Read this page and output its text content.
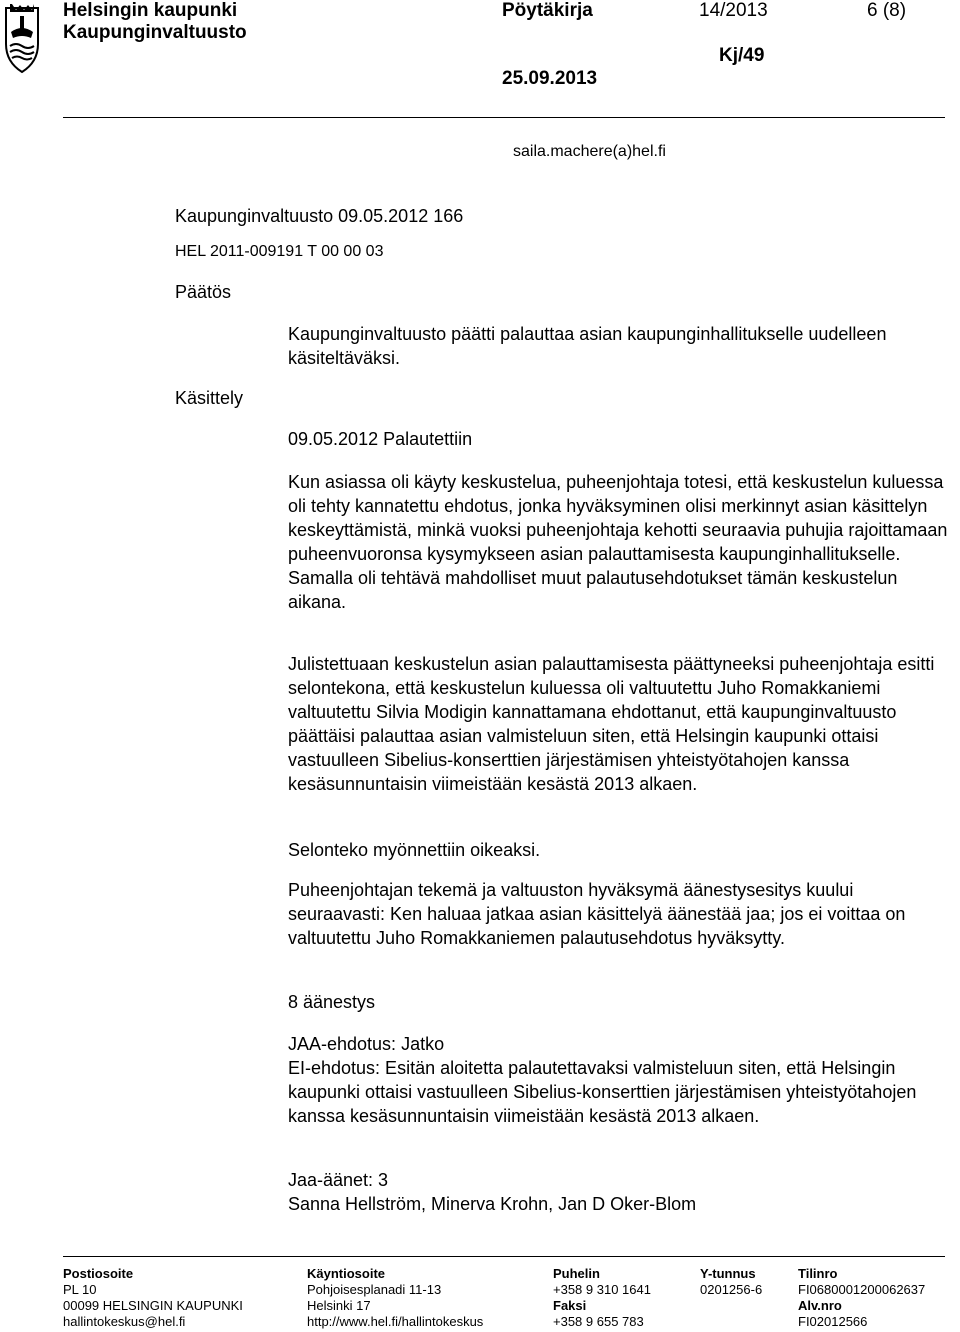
Helsingin kaupunki
Kaupunginvaltuusto
Pöytäkirja	14/2013	6 (8)
Kj/49
25.09.2013
saila.machere(a)hel.fi
Kaupunginvaltuusto 09.05.2012 166
HEL 2011-009191 T 00 00 03
Päätös
Kaupunginvaltuusto päätti palauttaa asian kaupunginhallitukselle uudelleen käsiteltäväksi.
Käsittely
09.05.2012 Palautettiin
Kun asiassa oli käyty keskustelua, puheenjohtaja totesi, että keskustelun kuluessa oli tehty kannatettu ehdotus, jonka hyväksyminen olisi merkinnyt asian käsittelyn keskeyttämistä, minkä vuoksi puheenjohtaja kehotti seuraavia puhujia rajoittamaan puheenvuoronsa kysymykseen asian palauttamisesta kaupunginhallitukselle. Samalla oli tehtävä mahdolliset muut palautusehdotukset tämän keskustelun aikana.
Julistettuaan keskustelun asian palauttamisesta päättyneeksi puheenjohtaja esitti selontekona, että keskustelun kuluessa oli valtuutettu Juho Romakkaniemi valtuutettu Silvia Modigin kannattamana ehdottanut, että kaupunginvaltuusto päättäisi palauttaa asian valmisteluun siten, että Helsingin kaupunki ottaisi vastuulleen Sibelius-konserttien järjestämisen yhteistyötahojen kanssa kesäsunnuntaisin viimeistään kesästä 2013 alkaen.
Selonteko myönnettiin oikeaksi.
Puheenjohtajan tekemä ja valtuuston hyväksymä äänestysesitys kuului seuraavasti: Ken haluaa jatkaa asian käsittelyä äänestää jaa; jos ei voittaa on valtuutettu Juho Romakkaniemen palautusehdotus hyväksytty.
8 äänestys
JAA-ehdotus: Jatko
EI-ehdotus: Esitän aloitetta palautettavaksi valmisteluun siten, että Helsingin kaupunki ottaisi vastuulleen Sibelius-konserttien järjestämisen yhteistyötahojen kanssa kesäsunnuntaisin viimeistään kesästä 2013 alkaen.
Jaa-äänet: 3
Sanna Hellström, Minerva Krohn, Jan D Oker-Blom
Postiosoite
PL 10
00099 HELSINGIN KAUPUNKI
hallintokeskus@hel.fi
Käyntiosoite
Pohjoisesplanadi 11-13
Helsinki 17
http://www.hel.fi/hallintokeskus
Puhelin
+358 9 310 1641
Faksi
+358 9 655 783
Y-tunnus
0201256-6
Tilinro
FI0680001200062637
Alv.nro
FI02012566
